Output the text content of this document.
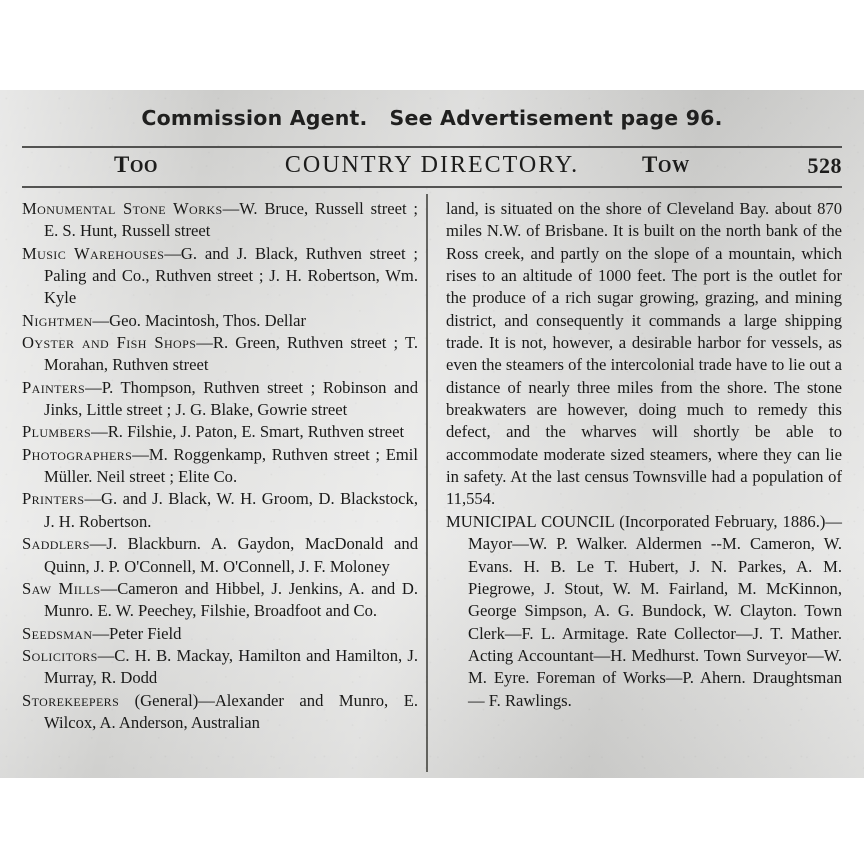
Commission Agent.   See Advertisement page 96.
TOO	COUNTRY DIRECTORY.	TOW	528

Monumental Stone Works—W. Bruce, Russell street ; E. S. Hunt, Russell street

Music Warehouses—G. and J. Black, Ruthven street ; Paling and Co., Ruthven street ; J. H. Robertson, Wm. Kyle

Nightmen—Geo. Macintosh, Thos. Dellar

Oyster and Fish Shops—R. Green, Ruthven street ; T. Morahan, Ruthven street

Painters—P. Thompson, Ruthven street ; Robinson and Jinks, Little street ; J. G. Blake, Gowrie street

Plumbers—R. Filshie, J. Paton, E. Smart, Ruthven street

Photographers—M. Roggenkamp, Ruthven street ; Emil Müller. Neil street ; Elite Co.

Printers—G. and J. Black, W. H. Groom, D. Blackstock, J. H. Robertson.

Saddlers—J. Blackburn. A. Gaydon, MacDonald and Quinn, J. P. O'Connell, M. O'Connell, J. F. Moloney

Saw Mills—Cameron and Hibbel, J. Jenkins, A. and D. Munro. E. W. Peechey, Filshie, Broadfoot and Co.

Seedsman—Peter Field

Solicitors—C. H. B. Mackay, Hamilton and Hamilton, J. Murray, R. Dodd

Storekeepers (General)—Alexander and Munro, E. Wilcox, A. Anderson, Australian

land, is situated on the shore of Cleveland Bay. about 870 miles N.W. of Brisbane. It is built on the north bank of the Ross creek, and partly on the slope of a mountain, which rises to an altitude of 1000 feet. The port is the outlet for the produce of a rich sugar growing, grazing, and mining district, and consequently it commands a large shipping trade. It is not, however, a desirable harbor for vessels, as even the steamers of the intercolonial trade have to lie out a distance of nearly three miles from the shore. The stone breakwaters are however, doing much to remedy this defect, and the wharves will shortly be able to accommodate moderate sized steamers, where they can lie in safety. At the last census Townsville had a population of 11,554.

MUNICIPAL COUNCIL (Incorporated February, 1886.)—Mayor—W. P. Walker. Aldermen --M. Cameron, W. Evans. H. B. Le T. Hubert, J. N. Parkes, A. M. Piegrowe, J. Stout, W. M. Fairland, M. McKinnon, George Simpson, A. G. Bundock, W. Clayton. Town Clerk—F. L. Armitage. Rate Collector—J. T. Mather. Acting Accountant—H. Medhurst. Town Surveyor—W. M. Eyre. Foreman of Works—P. Ahern. Draughtsman — F. Rawlings.
